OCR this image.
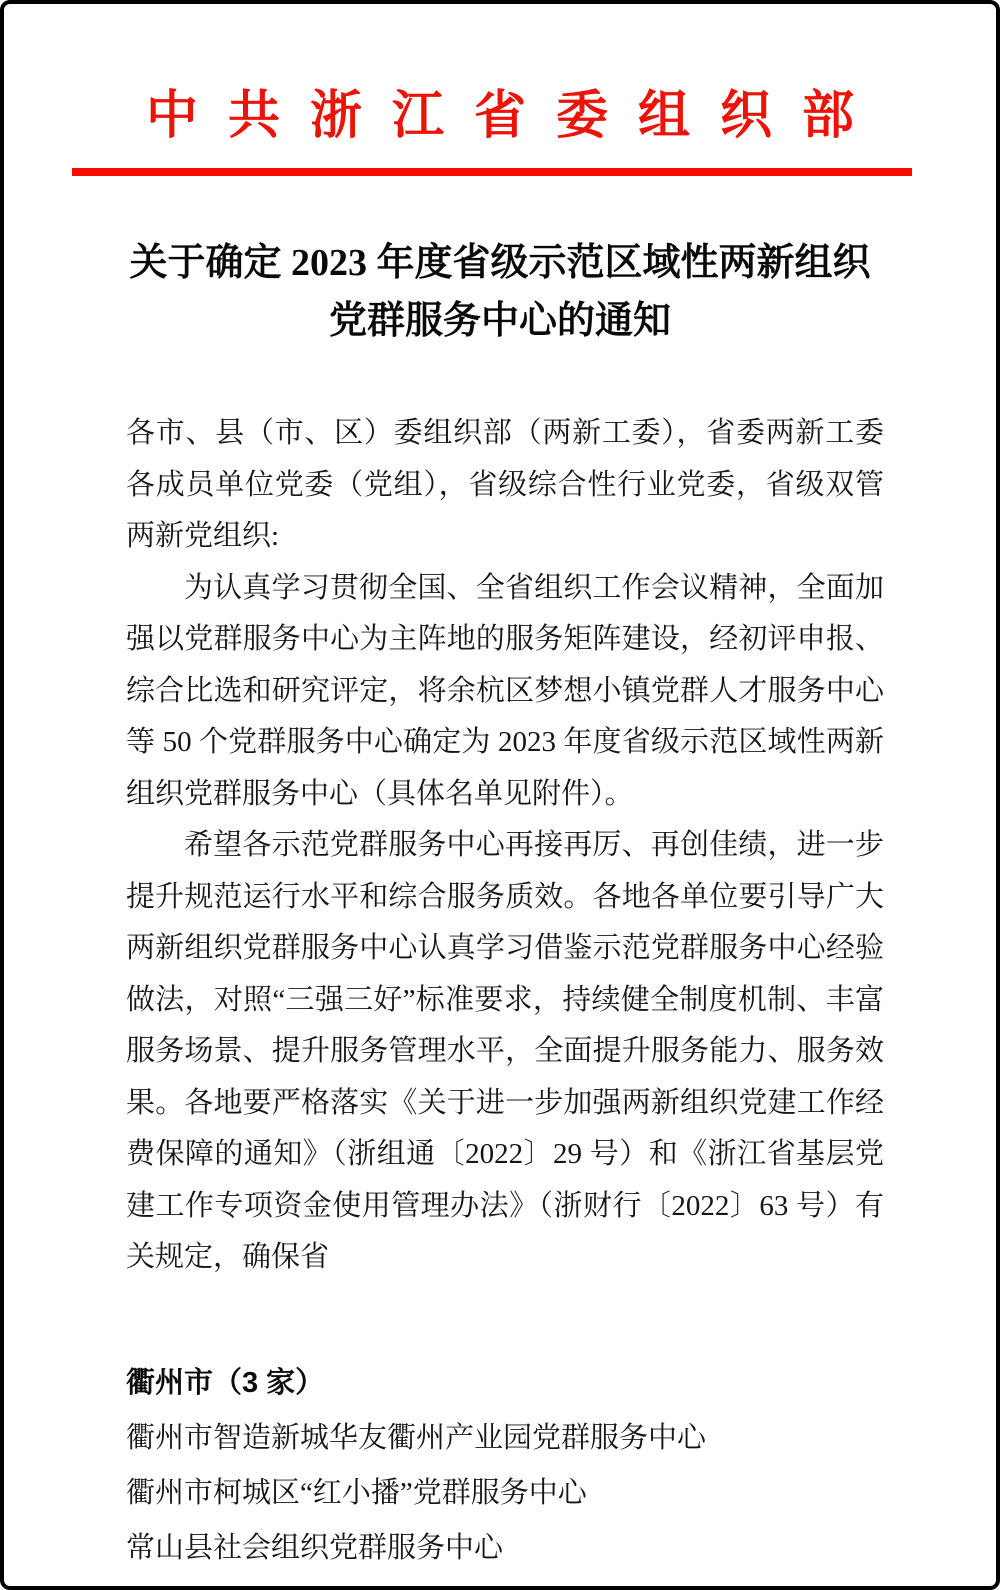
中共浙江省委组织部
关于确定 2023 年度省级示范区域性两新组织
党群服务中心的通知

各市、县（市、区）委组织部（两新工委），省委两新工委各成员单位党委（党组），省级综合性行业党委，省级双管两新党组织:

为认真学习贯彻全国、全省组织工作会议精神，全面加强以党群服务中心为主阵地的服务矩阵建设，经初评申报、综合比选和研究评定，将余杭区梦想小镇党群人才服务中心等 50 个党群服务中心确定为 2023 年度省级示范区域性两新组织党群服务中心（具体名单见附件）。

希望各示范党群服务中心再接再厉、再创佳绩，进一步提升规范运行水平和综合服务质效。各地各单位要引导广大两新组织党群服务中心认真学习借鉴示范党群服务中心经验做法，对照“三强三好”标准要求，持续健全制度机制、丰富服务场景、提升服务管理水平，全面提升服务能力、服务效果。各地要严格落实《关于进一步加强两新组织党建工作经费保障的通知》（浙组通〔2022〕29 号）和《浙江省基层党建工作专项资金使用管理办法》（浙财行〔2022〕63 号）有关规定，确保省

衢州市（3 家）

衢州市智造新城华友衢州产业园党群服务中心

衢州市柯城区“红小播”党群服务中心

常山县社会组织党群服务中心
